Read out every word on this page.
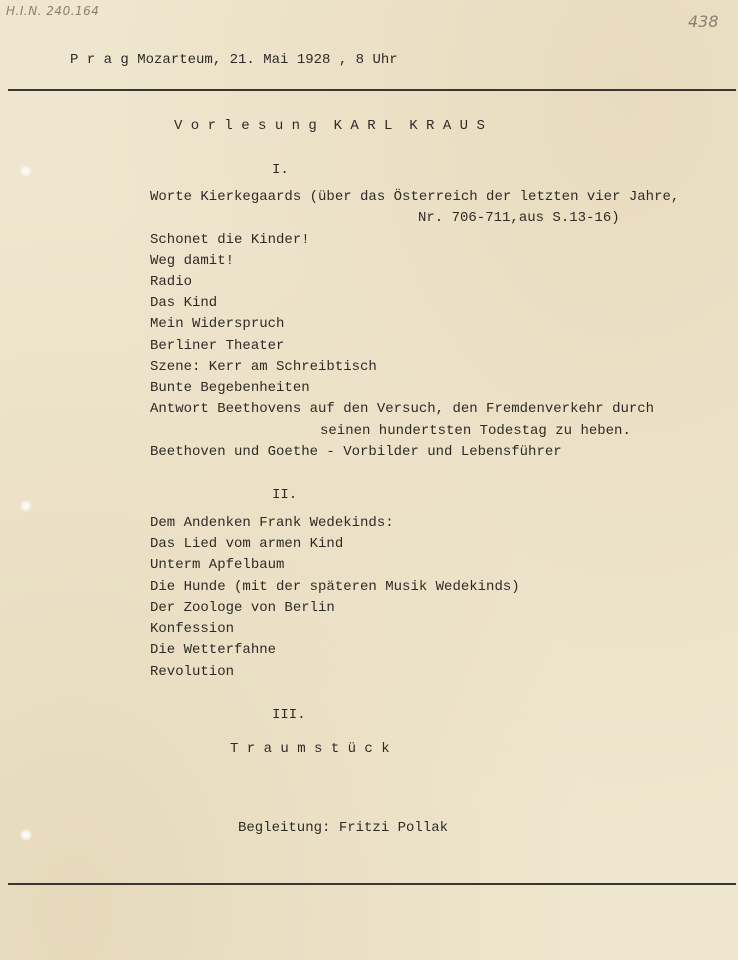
H.I.N. 240.164
438
P r a g Mozarteum, 21. Mai 1928 , 8 Uhr
V o r l e s u n g  K A R L  K R A U S
I.
Worte Kierkegaards (über das Österreich der letzten vier Jahre,
Nr. 706-711,aus S.13-16)
Schonet die Kinder!
Weg damit!
Radio
Das Kind
Mein Widerspruch
Berliner Theater
Szene: Kerr am Schreibtisch
Bunte Begebenheiten
Antwort Beethovens auf den Versuch, den Fremdenverkehr durch
seinen hundertsten Todestag zu heben.
Beethoven und Goethe - Vorbilder und Lebensführer
II.
Dem Andenken Frank Wedekinds:
Das Lied vom armen Kind
Unterm Apfelbaum
Die Hunde (mit der späteren Musik Wedekinds)
Der Zoologe von Berlin
Konfession
Die Wetterfahne
Revolution
III.
T r a u m s t ü c k
Begleitung: Fritzi Pollak
